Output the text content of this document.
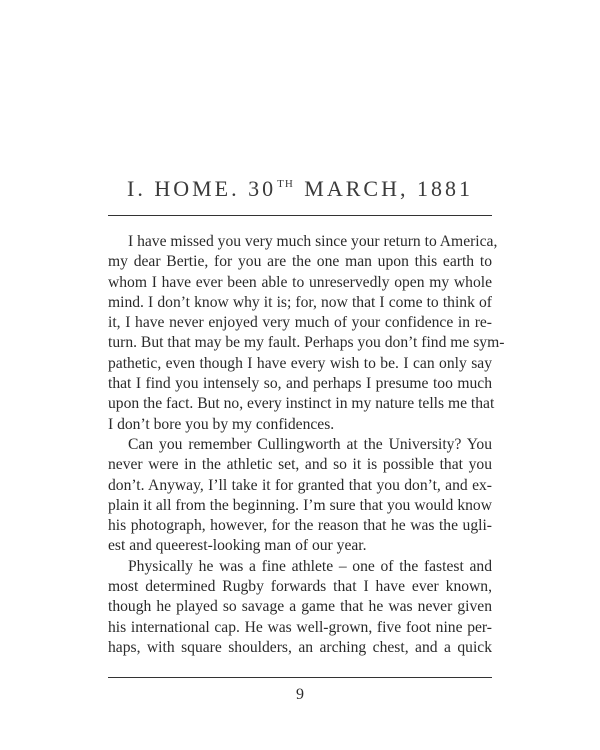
I. HOME. 30TH MARCH, 1881
I have missed you very much since your return to America,
my dear Bertie, for you are the one man upon this earth to
whom I have ever been able to unreservedly open my whole
mind. I don’t know why it is; for, now that I come to think of
it, I have never enjoyed very much of your confidence in re-
turn. But that may be my fault. Perhaps you don’t find me sym-
pathetic, even though I have every wish to be. I can only say
that I find you intensely so, and perhaps I presume too much
upon the fact. But no, every instinct in my nature tells me that
I don’t bore you by my confidences.
Can you remember Cullingworth at the University? You
never were in the athletic set, and so it is possible that you
don’t. Anyway, I’ll take it for granted that you don’t, and ex-
plain it all from the beginning. I’m sure that you would know
his photograph, however, for the reason that he was the ugli-
est and queerest-looking man of our year.
Physically he was a fine athlete – one of the fastest and
most determined Rugby forwards that I have ever known,
though he played so savage a game that he was never given
his international cap. He was well-grown, five foot nine per-
haps, with square shoulders, an arching chest, and a quick
9
